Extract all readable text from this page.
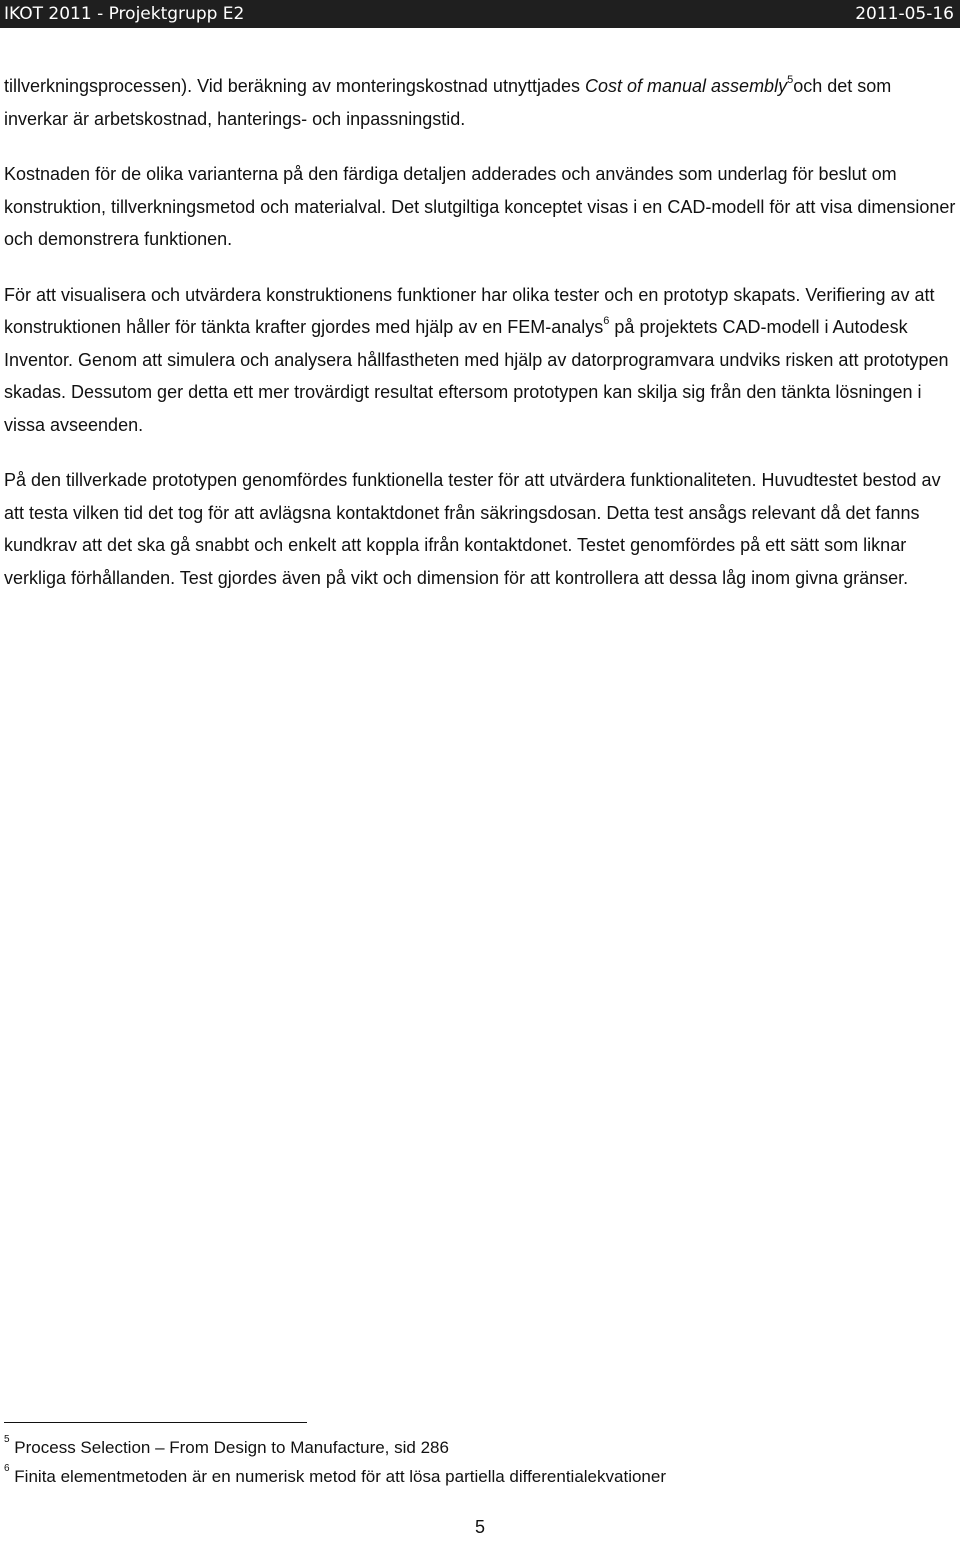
IKOT 2011 - Projektgrupp E2	2011-05-16

tillverkningsprocessen). Vid beräkning av monteringskostnad utnyttjades Cost of manual assembly$^5$och det som inverkar är arbetskostnad, hanterings- och inpassningstid.

Kostnaden för de olika varianterna på den färdiga detaljen adderades och användes som underlag för beslut om konstruktion, tillverkningsmetod och materialval. Det slutgiltiga konceptet visas i en CAD-modell för att visa dimensioner och demonstrera funktionen.

För att visualisera och utvärdera konstruktionens funktioner har olika tester och en prototyp skapats. Verifiering av att konstruktionen håller för tänkta krafter gjordes med hjälp av en FEM-analys$^6$ på projektets CAD-modell i Autodesk Inventor. Genom att simulera och analysera hållfastheten med hjälp av datorprogramvara undviks risken att prototypen skadas. Dessutom ger detta ett mer trovärdigt resultat eftersom prototypen kan skilja sig från den tänkta lösningen i vissa avseenden.

På den tillverkade prototypen genomfördes funktionella tester för att utvärdera funktionaliteten. Huvudtestet bestod av att testa vilken tid det tog för att avlägsna kontaktdonet från säkringsdosan. Detta test ansågs relevant då det fanns kundkrav att det ska gå snabbt och enkelt att koppla ifrån kontaktdonet. Testet genomfördes på ett sätt som liknar verkliga förhållanden. Test gjordes även på vikt och dimension för att kontrollera att dessa låg inom givna gränser.

$^5$ Process Selection – From Design to Manufacture, sid 286

$^6$ Finita elementmetoden är en numerisk metod för att lösa partiella differentialekvationer

5
